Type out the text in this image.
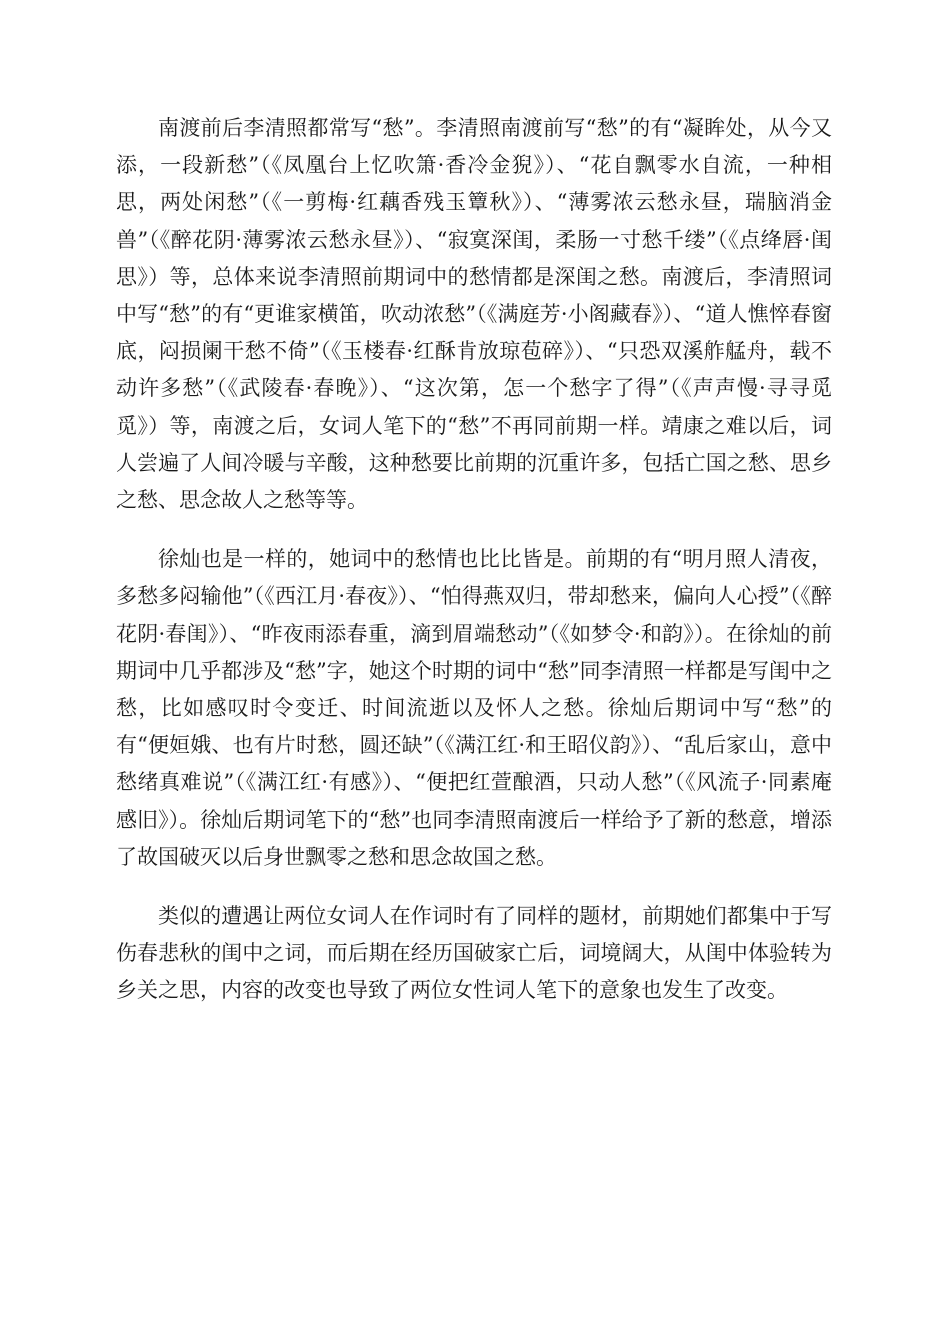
南渡前后李清照都常写“愁”。李清照南渡前写“愁”的有“凝眸处，从今又添，一段新愁”（《凤凰台上忆吹箫·香冷金猊》）、“花自飘零水自流，一种相思，两处闲愁”（《一剪梅·红藕香残玉簟秋》）、“薄雾浓云愁永昼，瑞脑消金兽”（《醉花阴·薄雾浓云愁永昼》）、“寂寞深闺，柔肠一寸愁千缕”（《点绛唇·闺思》）等，总体来说李清照前期词中的愁情都是深闺之愁。南渡后，李清照词中写“愁”的有“更谁家横笛，吹动浓愁”（《满庭芳·小阁藏春》）、“道人憔悴春窗底，闷损阑干愁不倚”（《玉楼春·红酥肯放琼苞碎》）、“只恐双溪舴艋舟，载不动许多愁”（《武陵春·春晚》）、“这次第，怎一个愁字了得”（《声声慢·寻寻觅觅》）等，南渡之后，女词人笔下的“愁”不再同前期一样。靖康之难以后，词人尝遍了人间冷暖与辛酸，这种愁要比前期的沉重许多，包括亡国之愁、思乡之愁、思念故人之愁等等。

徐灿也是一样的，她词中的愁情也比比皆是。前期的有“明月照人清夜，多愁多闷输他”（《西江月·春夜》）、“怕得燕双归，带却愁来，偏向人心授”（《醉花阴·春闺》）、“昨夜雨添春重，滴到眉端愁动”（《如梦令·和韵》）。在徐灿的前期词中几乎都涉及“愁”字，她这个时期的词中“愁”同李清照一样都是写闺中之愁，比如感叹时令变迁、时间流逝以及怀人之愁。徐灿后期词中写“愁”的有“便姮娥、也有片时愁，圆还缺”（《满江红·和王昭仪韵》）、“乱后家山，意中愁绪真难说”（《满江红·有感》）、“便把红萱酿酒，只动人愁”（《风流子·同素庵感旧》）。徐灿后期词笔下的“愁”也同李清照南渡后一样给予了新的愁意，增添了故国破灭以后身世飘零之愁和思念故国之愁。

类似的遭遇让两位女词人在作词时有了同样的题材，前期她们都集中于写伤春悲秋的闺中之词，而后期在经历国破家亡后，词境阔大，从闺中体验转为乡关之思，内容的改变也导致了两位女性词人笔下的意象也发生了改变。
